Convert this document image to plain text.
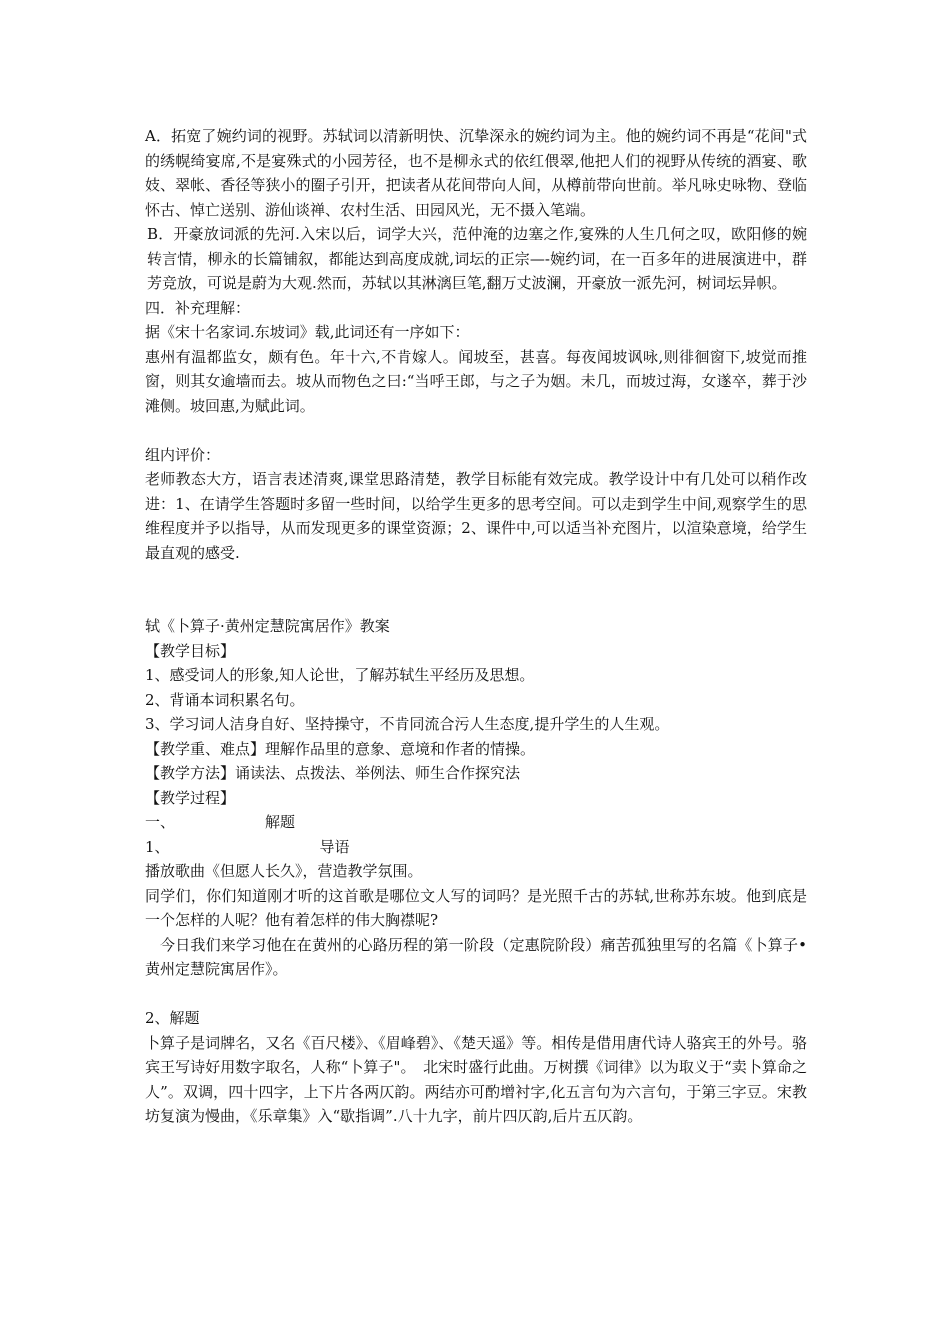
A．拓宽了婉约词的视野。苏轼词以清新明快、沉挚深永的婉约词为主。他的婉约词不再是“花间"式的绣幌绮宴席,不是宴殊式的小园芳径，也不是柳永式的依红偎翠,他把人们的视野从传统的酒宴、歌妓、翠帐、香径等狭小的圈子引开，把读者从花间带向人间，从樽前带向世前。举凡咏史咏物、登临怀古、悼亡送别、游仙谈禅、农村生活、田园风光，无不摄入笔端。

B．开豪放词派的先河.入宋以后，词学大兴，范仲淹的边塞之作,宴殊的人生几何之叹，欧阳修的婉转言情，柳永的长篇铺叙，都能达到高度成就,词坛的正宗—-婉约词，在一百多年的进展演进中，群芳竞放，可说是蔚为大观.然而，苏轼以其淋漓巨笔,翻万丈波澜，开豪放一派先河，树词坛异帜。

四．补充理解：

据《宋十名家词.东坡词》载,此词还有一序如下：

惠州有温都监女，颇有色。年十六,不肯嫁人。闻坡至，甚喜。每夜闻坡讽咏,则徘徊窗下,坡觉而推窗，则其女逾墙而去。坡从而物色之曰:“当呼王郎，与之子为姻。未几，而坡过海，女遂卒，葬于沙滩侧。坡回惠,为赋此词。

组内评价：

老师教态大方，语言表述清爽,课堂思路清楚，教学目标能有效完成。教学设计中有几处可以稍作改进：1、在请学生答题时多留一些时间，以给学生更多的思考空间。可以走到学生中间,观察学生的思维程度并予以指导，从而发现更多的课堂资源；2、课件中,可以适当补充图片，以渲染意境，给学生最直观的感受.

轼《卜算子·黄州定慧院寓居作》教案

【教学目标】

1、感受词人的形象,知人论世，了解苏轼生平经历及思想。

2、背诵本词积累名句。

3、学习词人洁身自好、坚持操守，不肯同流合污人生态度,提升学生的人生观。

【教学重、难点】理解作品里的意象、意境和作者的情操。

【教学方法】诵读法、点拨法、举例法、师生合作探究法

【教学过程】

一、	解题

1、	导语

播放歌曲《但愿人长久》，营造教学氛围。

同学们，你们知道刚才听的这首歌是哪位文人写的词吗？是光照千古的苏轼,世称苏东坡。他到底是一个怎样的人呢？他有着怎样的伟大胸襟呢?

今日我们来学习他在在黄州的心路历程的第一阶段（定惠院阶段）痛苦孤独里写的名篇《卜算子•黄州定慧院寓居作》。

2、解题

卜算子是词牌名，又名《百尺楼》、《眉峰碧》、《楚天遥》等。相传是借用唐代诗人骆宾王的外号。骆宾王写诗好用数字取名，人称“卜算子"。　北宋时盛行此曲。万树撰《词律》以为取义于“卖卜算命之人”。双调，四十四字，上下片各两仄韵。两结亦可酌增衬字,化五言句为六言句，于第三字豆。宋教坊复演为慢曲，《乐章集》入“歇指调”.八十九字，前片四仄韵,后片五仄韵。
